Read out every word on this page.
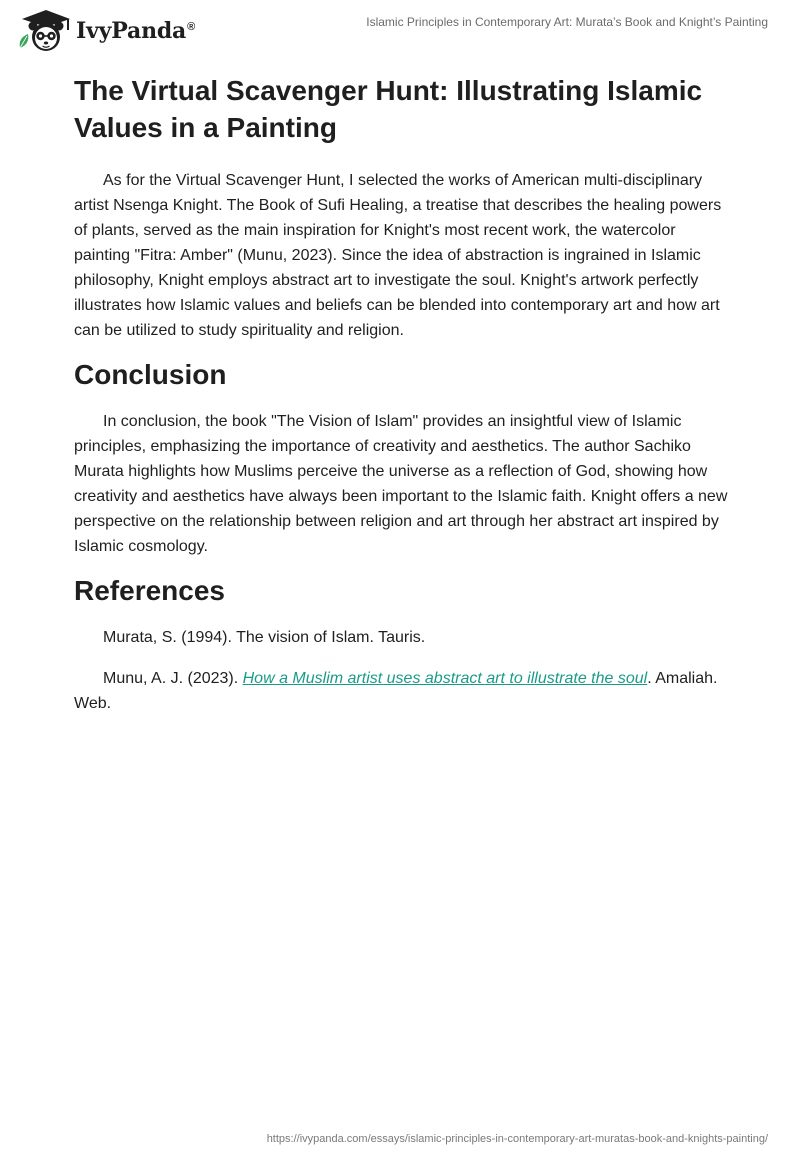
IvyPanda®	Islamic Principles in Contemporary Art: Murata’s Book and Knight’s Painting
The Virtual Scavenger Hunt: Illustrating Islamic Values in a Painting

As for the Virtual Scavenger Hunt, I selected the works of American multi-disciplinary artist Nsenga Knight. The Book of Sufi Healing, a treatise that describes the healing powers of plants, served as the main inspiration for Knight's most recent work, the watercolor painting "Fitra: Amber" (Munu, 2023). Since the idea of abstraction is ingrained in Islamic philosophy, Knight employs abstract art to investigate the soul. Knight's artwork perfectly illustrates how Islamic values and beliefs can be blended into contemporary art and how art can be utilized to study spirituality and religion.

Conclusion

In conclusion, the book "The Vision of Islam" provides an insightful view of Islamic principles, emphasizing the importance of creativity and aesthetics. The author Sachiko Murata highlights how Muslims perceive the universe as a reflection of God, showing how creativity and aesthetics have always been important to the Islamic faith. Knight offers a new perspective on the relationship between religion and art through her abstract art inspired by Islamic cosmology.

References

Murata, S. (1994). The vision of Islam. Tauris.

Munu, A. J. (2023). How a Muslim artist uses abstract art to illustrate the soul. Amaliah. Web.

https://ivypanda.com/essays/islamic-principles-in-contemporary-art-muratas-book-and-knights-painting/
